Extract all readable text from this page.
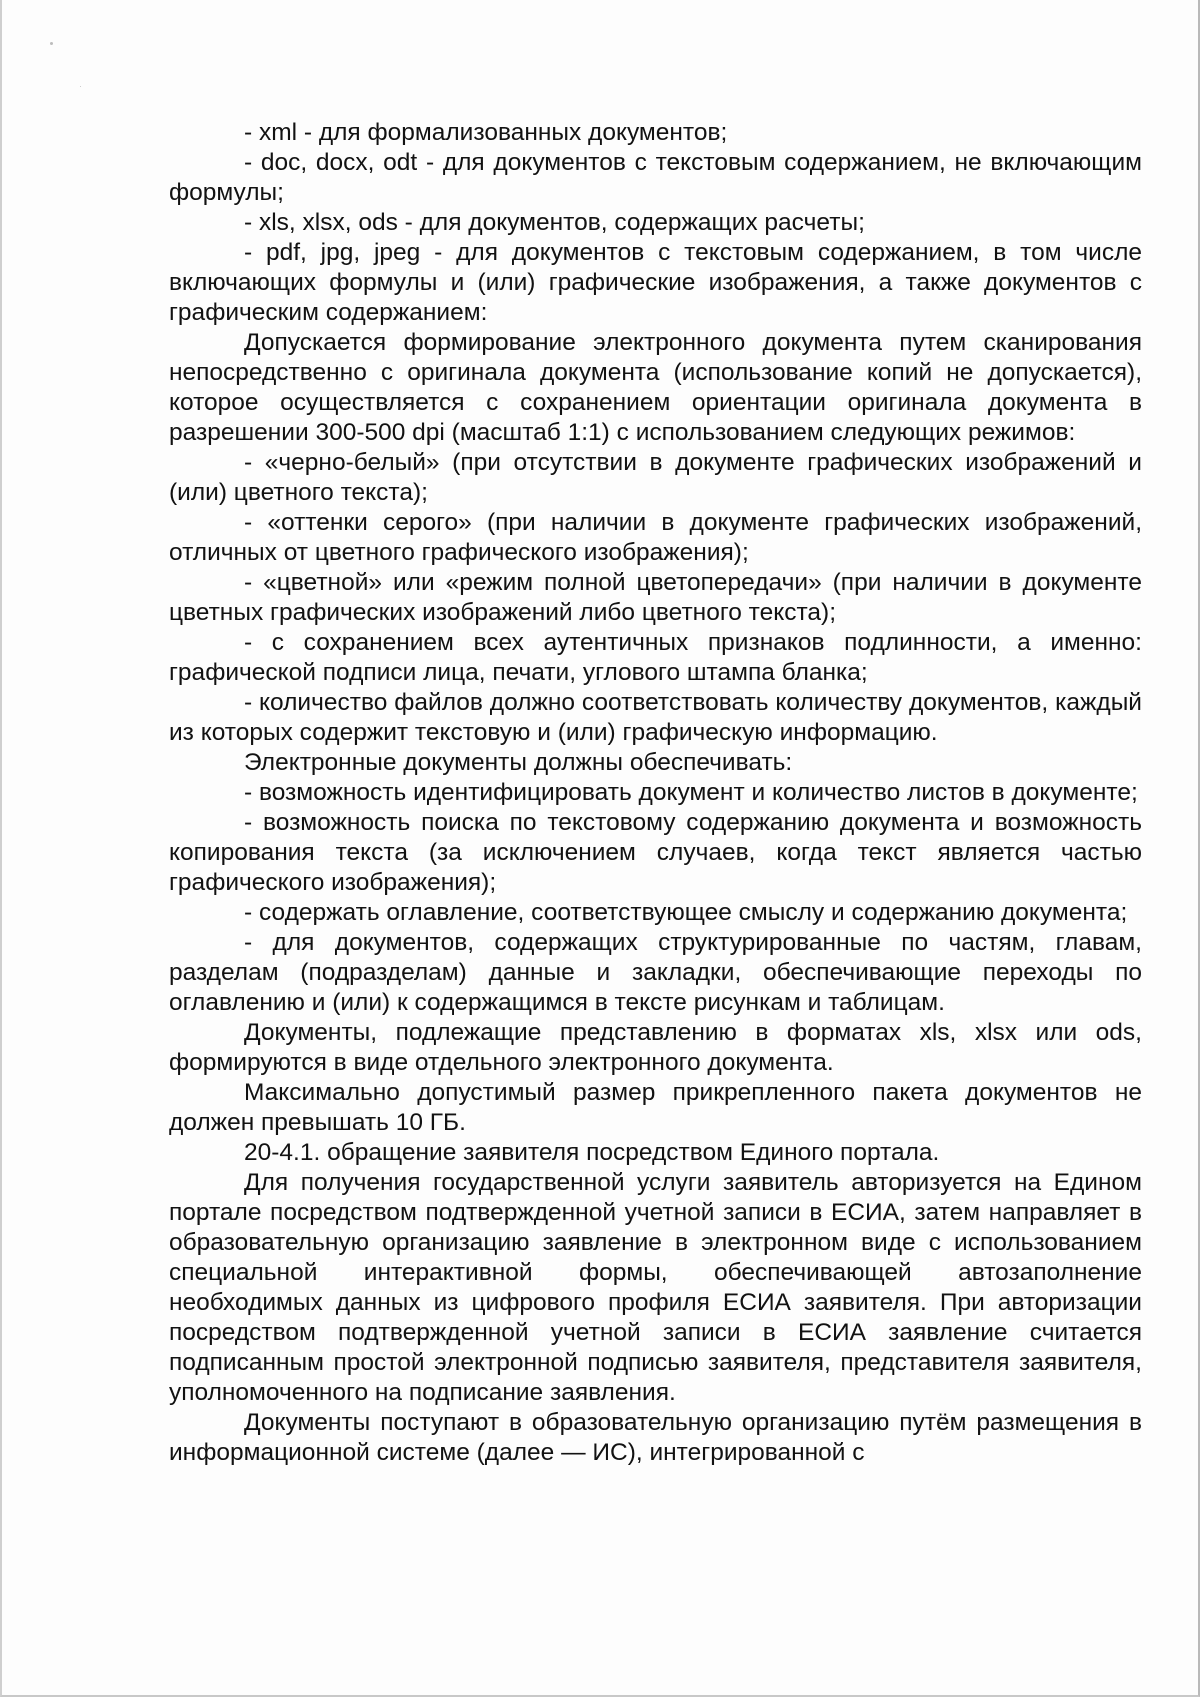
- xml - для формализованных документов;

- doc, docx, odt - для документов с текстовым содержанием, не включающим формулы;

- xls, xlsx, ods - для документов, содержащих расчеты;

- pdf, jpg, jpeg - для документов с текстовым содержанием, в том числе включающих формулы и (или) графические изображения, а также документов с графическим содержанием:

Допускается формирование электронного документа путем сканирования непосредственно с оригинала документа (использование копий не допускается), которое осуществляется с сохранением ориентации оригинала документа в разрешении 300-500 dpi (масштаб 1:1) с использованием следующих режимов:

- «черно-белый» (при отсутствии в документе графических изображений и (или) цветного текста);

- «оттенки серого» (при наличии в документе графических изображений, отличных от цветного графического изображения);

- «цветной» или «режим полной цветопередачи» (при наличии в документе цветных графических изображений либо цветного текста);

- с сохранением всех аутентичных признаков подлинности, а именно: графической подписи лица, печати, углового штампа бланка;

- количество файлов должно соответствовать количеству документов, каждый из которых содержит текстовую и (или) графическую информацию.

Электронные документы должны обеспечивать:

- возможность идентифицировать документ и количество листов в документе;

- возможность поиска по текстовому содержанию документа и возможность копирования текста (за исключением случаев, когда текст является частью графического изображения);

- содержать оглавление, соответствующее смыслу и содержанию документа;

- для документов, содержащих структурированные по частям, главам, разделам (подразделам) данные и закладки, обеспечивающие переходы по оглавлению и (или) к содержащимся в тексте рисункам и таблицам.

Документы, подлежащие представлению в форматах xls, xlsx или ods, формируются в виде отдельного электронного документа.

Максимально допустимый размер прикрепленного пакета документов не должен превышать 10 ГБ.

20-4.1. обращение заявителя посредством Единого портала.

Для получения государственной услуги заявитель авторизуется на Едином портале посредством подтвержденной учетной записи в ЕСИА, затем направляет в образовательную организацию заявление в электронном виде с использованием специальной интерактивной формы, обеспечивающей автозаполнение необходимых данных из цифрового профиля ЕСИА заявителя. При авторизации посредством подтвержденной учетной записи в ЕСИА заявление считается подписанным простой электронной подписью заявителя, представителя заявителя, уполномоченного на подписание заявления.

Документы поступают в образовательную организацию путём размещения в информационной системе (далее — ИС), интегрированной с
